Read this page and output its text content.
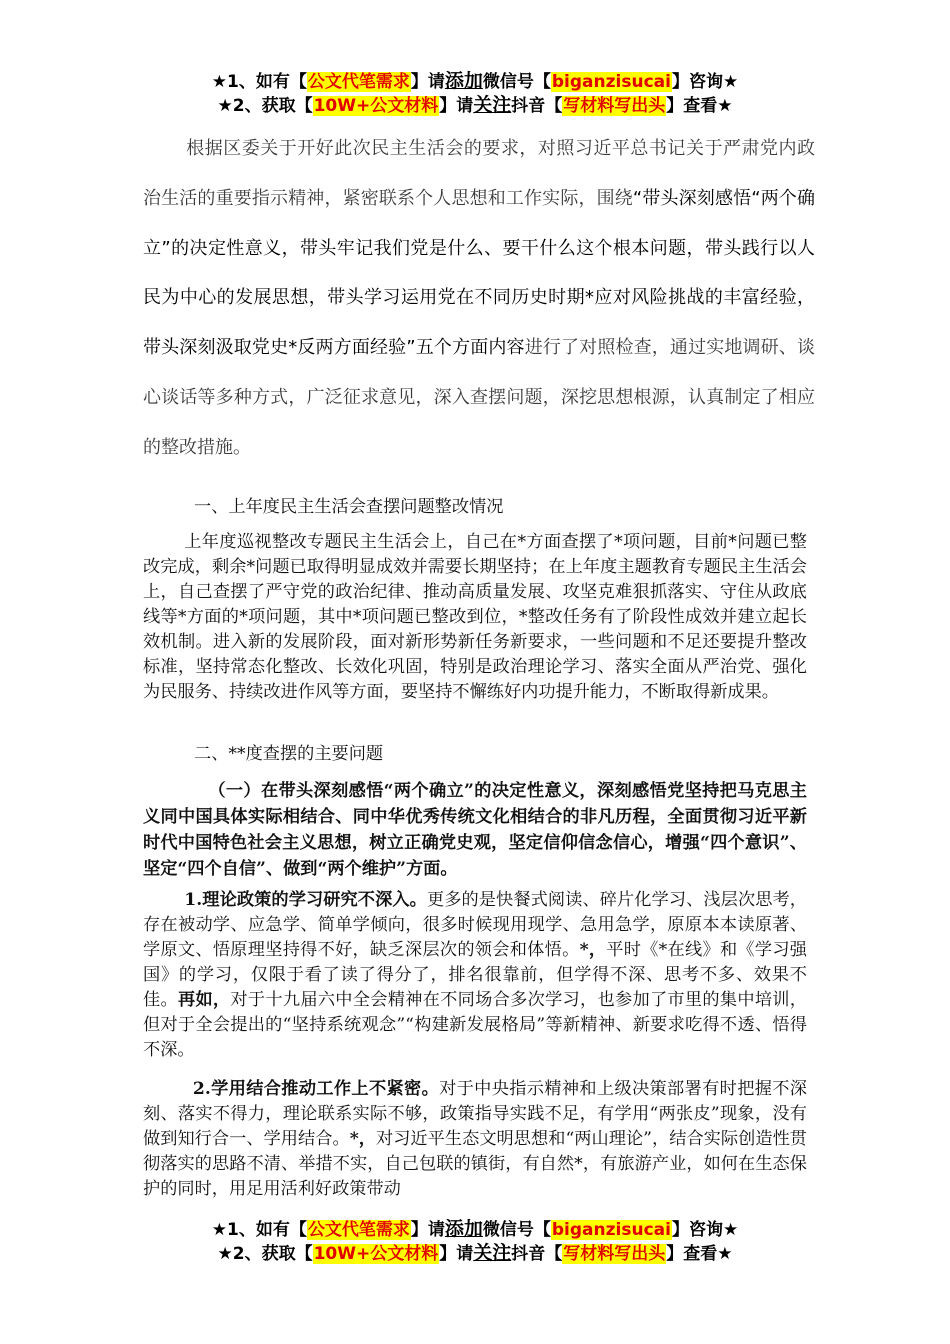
★1、如有【公文代笔需求】请添加微信号【biganzisucai】咨询★
★2、获取【10W+公文材料】请关注抖音【写材料写出头】查看★
根据区委关于开好此次民主生活会的要求，对照习近平总书记关于严肃党内政治生活的重要指示精神，紧密联系个人思想和工作实际，围绕“带头深刻感悟“两个确立”的决定性意义，带头牢记我们党是什么、要干什么这个根本问题，带头践行以人民为中心的发展思想，带头学习运用党在不同历史时期*应对风险挑战的丰富经验，带头深刻汲取党史*反两方面经验”五个方面内容进行了对照检查，通过实地调研、谈心谈话等多种方式，广泛征求意见，深入查摆问题，深挖思想根源，认真制定了相应的整改措施。
一、上年度民主生活会查摆问题整改情况
上年度巡视整改专题民主生活会上，自己在*方面查摆了*项问题，目前*问题已整改完成，剩余*问题已取得明显成效并需要长期坚持；在上年度主题教育专题民主生活会上，自己查摆了严守党的政治纪律、推动高质量发展、攻坚克难狠抓落实、守住从政底线等*方面的*项问题，其中*项问题已整改到位，*整改任务有了阶段性成效并建立起长效机制。进入新的发展阶段，面对新形势新任务新要求，一些问题和不足还要提升整改标准，坚持常态化整改、长效化巩固，特别是政治理论学习、落实全面从严治党、强化为民服务、持续改进作风等方面，要坚持不懈练好内功提升能力，不断取得新成果。
二、**度查摆的主要问题
（一）在带头深刻感悟“两个确立”的决定性意义，深刻感悟党坚持把马克思主义同中国具体实际相结合、同中华优秀传统文化相结合的非凡历程，全面贯彻习近平新时代中国特色社会主义思想，树立正确党史观，坚定信仰信念信心，增强“四个意识”、坚定“四个自信”、做到“两个维护”方面。
1.理论政策的学习研究不深入。更多的是快餐式阅读、碎片化学习、浅层次思考，存在被动学、应急学、简单学倾向，很多时候现用现学、急用急学，原原本本读原著、学原文、悟原理坚持得不好，缺乏深层次的领会和体悟。*，平时《*在线》和《学习强国》的学习，仅限于看了读了得分了，排名很靠前，但学得不深、思考不多、效果不佳。再如，对于十九届六中全会精神在不同场合多次学习，也参加了市里的集中培训，但对于全会提出的“坚持系统观念”“构建新发展格局”等新精神、新要求吃得不透、悟得不深。
2.学用结合推动工作上不紧密。对于中央指示精神和上级决策部署有时把握不深刻、落实不得力，理论联系实际不够，政策指导实践不足，有学用“两张皮”现象，没有做到知行合一、学用结合。*，对习近平生态文明思想和“两山理论”，结合实际创造性贯彻落实的思路不清、举措不实，自己包联的镇街，有自然*，有旅游产业，如何在生态保护的同时，用足用活利好政策带动
★1、如有【公文代笔需求】请添加微信号【biganzisucai】咨询★
★2、获取【10W+公文材料】请关注抖音【写材料写出头】查看★
